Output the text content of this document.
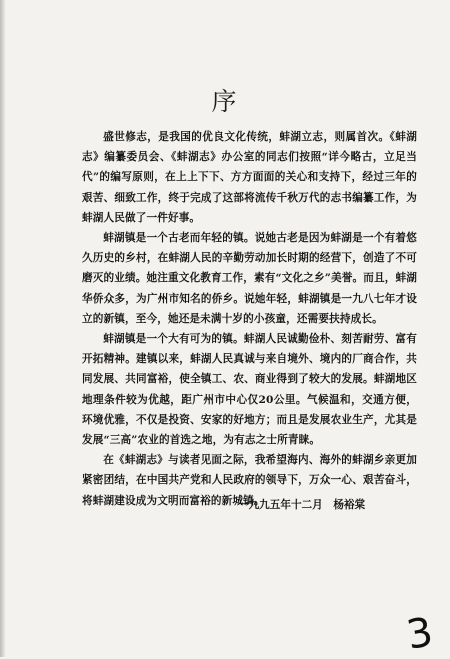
序

盛世修志，是我国的优良文化传统，蚌湖立志，则属首次。《蚌湖志》编纂委员会、《蚌湖志》办公室的同志们按照“详今略古，立足当代”的编写原则，在上上下下、方方面面的关心和支持下，经过三年的艰苦、细致工作，终于完成了这部将流传千秋万代的志书编纂工作，为蚌湖人民做了一件好事。

蚌湖镇是一个古老而年轻的镇。说她古老是因为蚌湖是一个有着悠久历史的乡村，在蚌湖人民的辛勤劳动加长时期的经营下，创造了不可磨灭的业绩。她注重文化教育工作，素有“文化之乡”美誉。而且，蚌湖华侨众多，为广州市知名的侨乡。说她年轻，蚌湖镇是一九八七年才设立的新镇，至今，她还是未满十岁的小孩童，还需要扶持成长。

蚌湖镇是一个大有可为的镇。蚌湖人民诚勤俭朴、刻苦耐劳、富有开拓精神。建镇以来，蚌湖人民真诚与来自境外、境内的厂商合作，共同发展、共同富裕，使全镇工、农、商业得到了较大的发展。蚌湖地区地理条件较为优越，距广州市中心仅20公里。气候温和，交通方便，环境优雅，不仅是投资、安家的好地方；而且是发展农业生产，尤其是发展“三高”农业的首选之地，为有志之士所青睐。

在《蚌湖志》与读者见面之际，我希望海内、海外的蚌湖乡亲更加紧密团结，在中国共产党和人民政府的领导下，万众一心、艰苦奋斗，将蚌湖建设成为文明而富裕的新城镇。

一九九五年十二月　杨裕棠
3
